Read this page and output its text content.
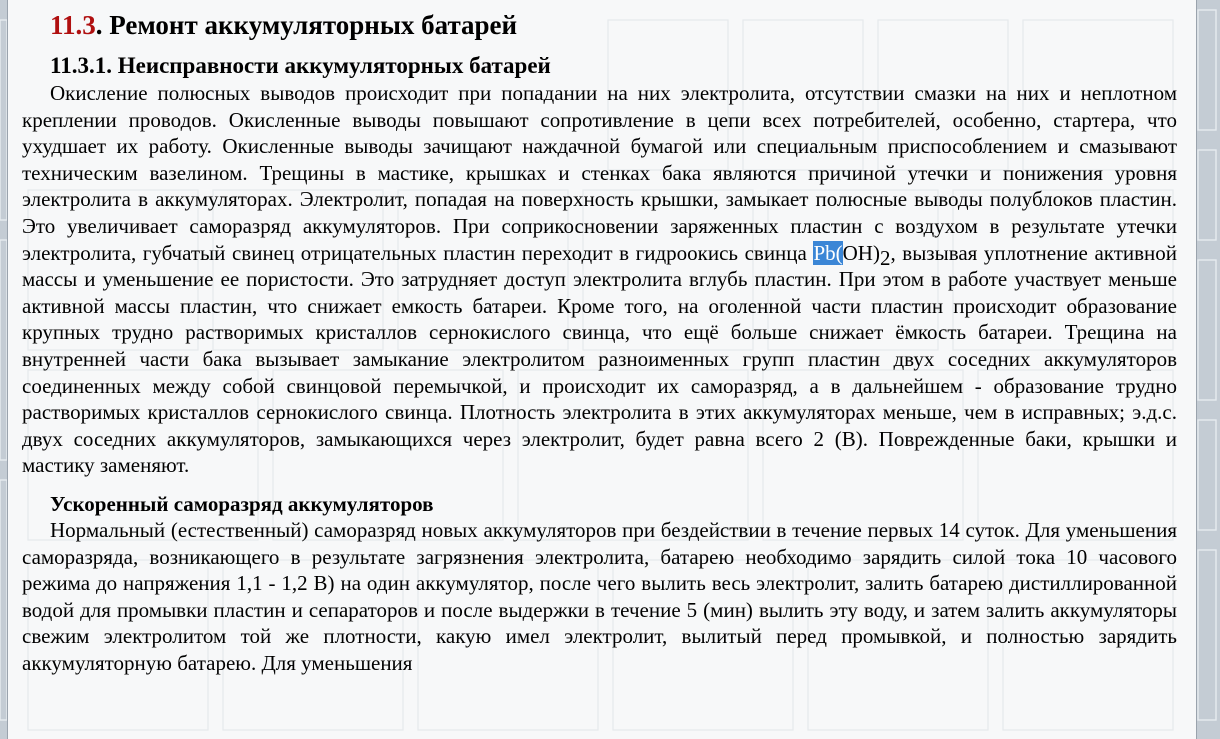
11.3. Ремонт аккумуляторных батарей
11.3.1. Неисправности аккумуляторных батарей

Окисление полюсных выводов происходит при попадании на них электролита, отсутствии смазки на них и неплотном креплении проводов. Окисленные выводы повышают сопротивление в цепи всех потребителей, особенно, стартера, что ухудшает их работу. Окисленные выводы зачищают наждачной бумагой или специальным приспособлением и смазывают техническим вазелином. Трещины в мастике, крышках и стенках бака являются причиной утечки и понижения уровня электролита в аккумуляторах. Электролит, попадая на поверхность крышки, замыкает полюсные выводы полублоков пластин. Это увеличивает саморазряд аккумуляторов. При соприкосновении заряженных пластин с воздухом в результате утечки электролита, губчатый свинец отрицательных пластин переходит в гидроокись свинца Pb(OH)2, вызывая уплотнение активной массы и уменьшение ее пористости. Это затрудняет доступ электролита вглубь пластин. При этом в работе участвует меньше активной массы пластин, что снижает емкость батареи. Кроме того, на оголенной части пластин происходит образование крупных трудно растворимых кристаллов сернокислого свинца, что ещё больше снижает ёмкость батареи. Трещина на внутренней части бака вызывает замыкание электролитом разноименных групп пластин двух соседних аккумуляторов соединенных между собой свинцовой перемычкой, и происходит их саморазряд, а в дальнейшем - образование трудно растворимых кристаллов сернокислого свинца. Плотность электролита в этих аккумуляторах меньше, чем в исправных; э.д.с. двух соседних аккумуляторов, замыкающихся через электролит, будет равна всего 2 (В). Поврежденные баки, крышки и мастику заменяют.

Ускоренный саморазряд аккумуляторов

Нормальный (естественный) саморазряд новых аккумуляторов при бездействии в течение первых 14 суток. Для уменьшения саморазряда, возникающего в результате загрязнения электролита, батарею необходимо зарядить силой тока 10 часового режима до напряжения 1,1 - 1,2 В) на один аккумулятор, после чего вылить весь электролит, залить батарею дистиллированной водой для промывки пластин и сепараторов и после выдержки в течение 5 (мин) вылить эту воду, и затем залить аккумуляторы свежим электролитом той же плотности, какую имел электролит, вылитый перед промывкой, и полностью зарядить аккумуляторную батарею. Для уменьшения
